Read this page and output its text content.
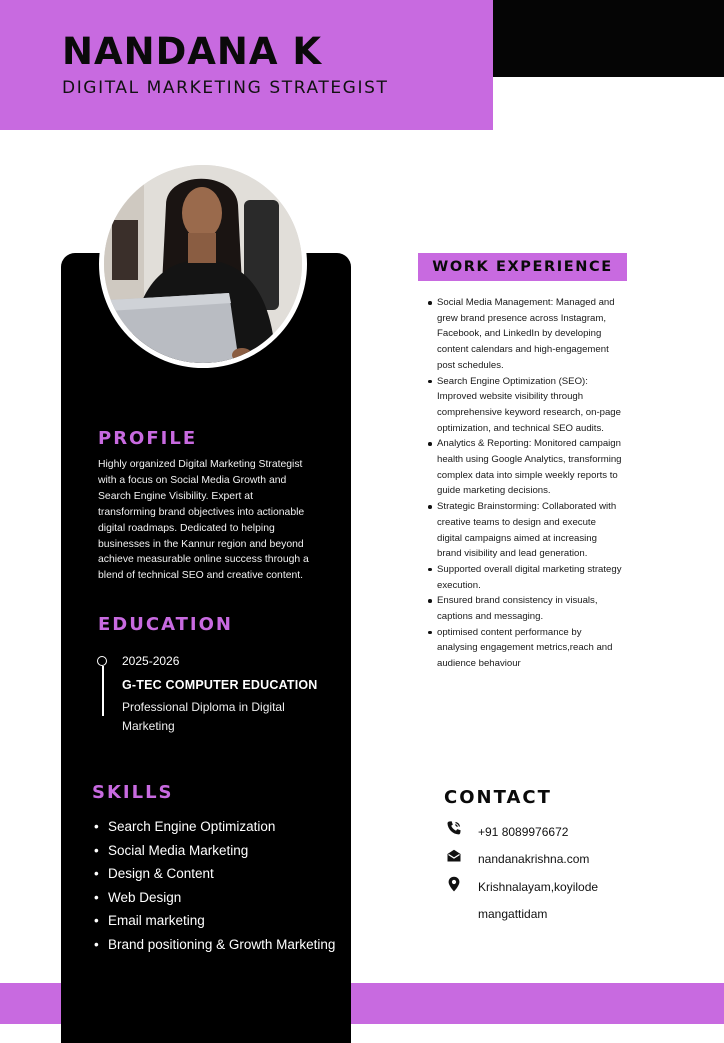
NANDANA K
DIGITAL MARKETING STRATEGIST
PROFILE
Highly organized Digital Marketing Strategist with a focus on Social Media Growth and Search Engine Visibility. Expert at transforming brand objectives into actionable digital roadmaps. Dedicated to helping businesses in the Kannur region and beyond achieve measurable online success through a blend of technical SEO and creative content.
EDUCATION
2025-2026
G-TEC COMPUTER EDUCATION
Professional Diploma in Digital Marketing
SKILLS
• Search Engine Optimization
• Social Media Marketing
• Design & Content
• Web Design
• Email marketing
• Brand positioning & Growth Marketing
WORK EXPERIENCE
Social Media Management: Managed and grew brand presence across Instagram, Facebook, and LinkedIn by developing content calendars and high-engagement post schedules.
Search Engine Optimization (SEO): Improved website visibility through comprehensive keyword research, on-page optimization, and technical SEO audits.
Analytics & Reporting: Monitored campaign health using Google Analytics, transforming complex data into simple weekly reports to guide marketing decisions.
Strategic Brainstorming: Collaborated with creative teams to design and execute digital campaigns aimed at increasing brand visibility and lead generation.
Supported overall digital marketing strategy execution.
Ensured brand consistency in visuals, captions and messaging.
optimised content performance by analysing engagement metrics,reach and audience behaviour
CONTACT
+91 8089976672
nandanakrishna.com
Krishnalayam,koyilode
mangattidam
